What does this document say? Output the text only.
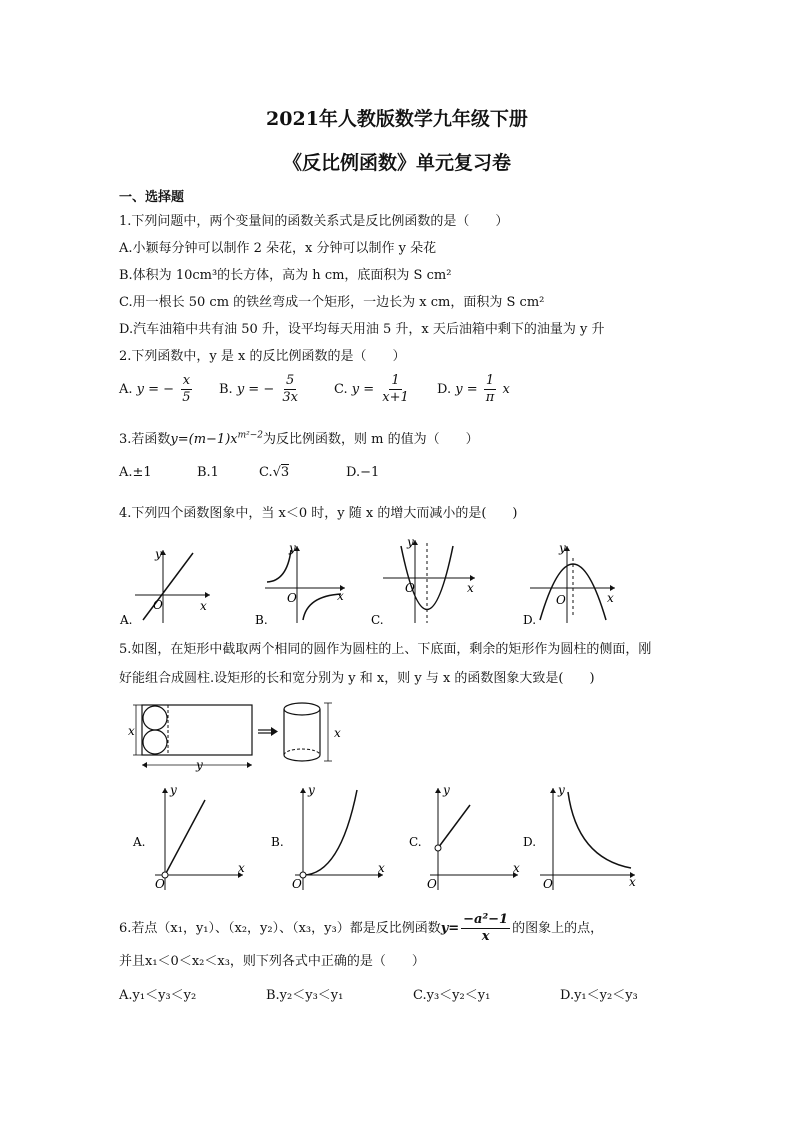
2021年人教版数学九年级下册
《反比例函数》单元复习卷
一、选择题
1.下列问题中，两个变量间的函数关系式是反比例函数的是（　　）
A.小颖每分钟可以制作 2 朵花，x 分钟可以制作 y 朵花
B.体积为 10cm³的长方体，高为 h cm，底面积为 S cm²
C.用一根长 50 cm 的铁丝弯成一个矩形，一边长为 x cm，面积为 S cm²
D.汽车油箱中共有油 50 升，设平均每天用油 5 升，x 天后油箱中剩下的油量为 y 升
2.下列函数中，y 是 x 的反比例函数的是（　　）
A. y = − $\frac{x}{5} B$. y = − $\frac{5}{3x}$	C. $y = \frac{1}{x+1} D$. $y = \frac{1}{\pi}$ x
3.若函数$y=(m-1)x^{m^2-2}$为反比例函数，则 m 的值为（　　）
A.±1	B.1	C.√3	D.−1
4.下列四个函数图象中，当 x＜0 时，y 随 x 的增大而减小的是(　　)
y
x
O
A.
y
x
O
B.
y
x
O
C.
y
x
O
D.
5.如图，在矩形中截取两个相同的圆作为圆柱的上、下底面，剩余的矩形作为圆柱的侧面，刚
好能组合成圆柱.设矩形的长和宽分别为 y 和 x，则 y 与 x 的函数图象大致是(　　)
x
y
x
y
x
O
A.
y
x
O
B.
y
x
O
C.
y
x
O
D.
6.若点（x₁，y₁）、（x₂，y₂）、（x₃，y₃）都是反比例函数$y= \frac{\text{−a²−1}}{x}$ 的图象上的点，
并且x₁＜0＜x₂＜x₃，则下列各式中正确的是（　　）
A.y₁＜y₃＜y₂	B.y₂＜y₃＜y₁	C.y₃＜y₂＜y₁	D.y₁＜y₂＜y₃
